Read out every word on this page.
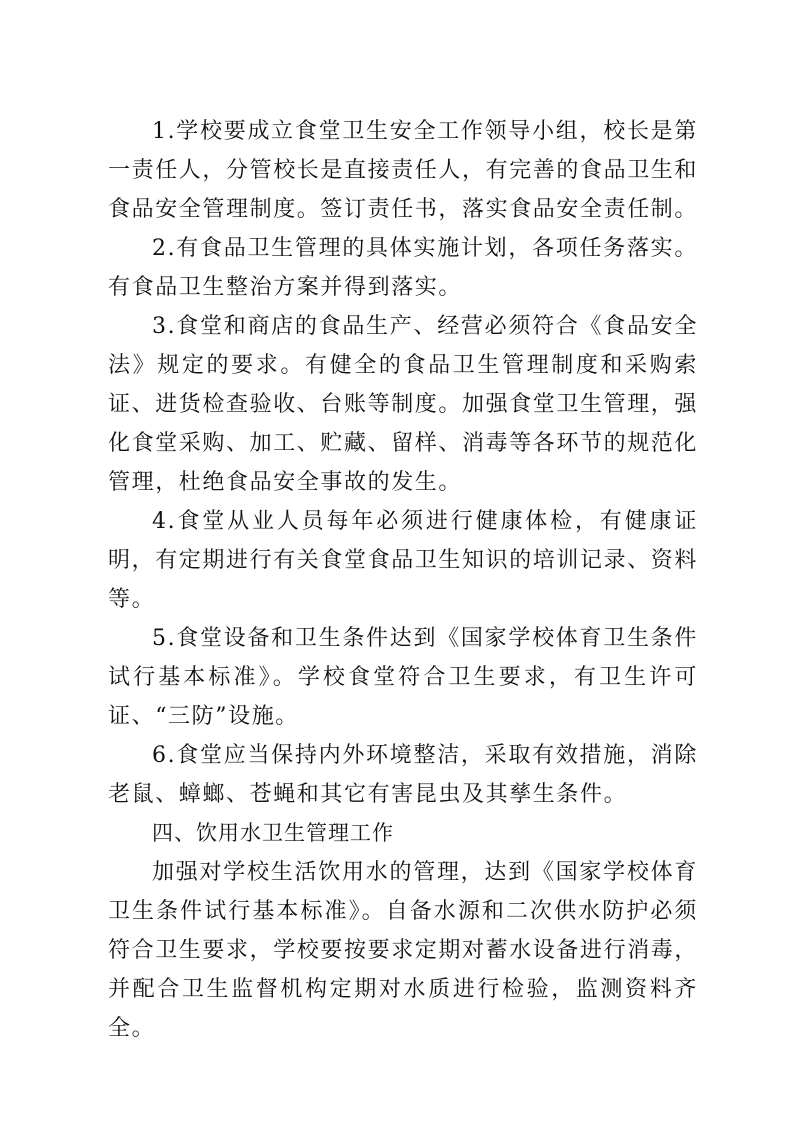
1.学校要成立食堂卫生安全工作领导小组，校长是第一责任人，分管校长是直接责任人，有完善的食品卫生和食品安全管理制度。签订责任书，落实食品安全责任制。

2.有食品卫生管理的具体实施计划，各项任务落实。有食品卫生整治方案并得到落实。

3.食堂和商店的食品生产、经营必须符合《食品安全法》规定的要求。有健全的食品卫生管理制度和采购索证、进货检查验收、台账等制度。加强食堂卫生管理，强化食堂采购、加工、贮藏、留样、消毒等各环节的规范化管理，杜绝食品安全事故的发生。

4.食堂从业人员每年必须进行健康体检，有健康证明，有定期进行有关食堂食品卫生知识的培训记录、资料等。

5.食堂设备和卫生条件达到《国家学校体育卫生条件试行基本标准》。学校食堂符合卫生要求，有卫生许可证、“三防”设施。

6.食堂应当保持内外环境整洁，采取有效措施，消除老鼠、蟑螂、苍蝇和其它有害昆虫及其孳生条件。

四、饮用水卫生管理工作

加强对学校生活饮用水的管理，达到《国家学校体育卫生条件试行基本标准》。自备水源和二次供水防护必须符合卫生要求，学校要按要求定期对蓄水设备进行消毒，并配合卫生监督机构定期对水质进行检验，监测资料齐全。
